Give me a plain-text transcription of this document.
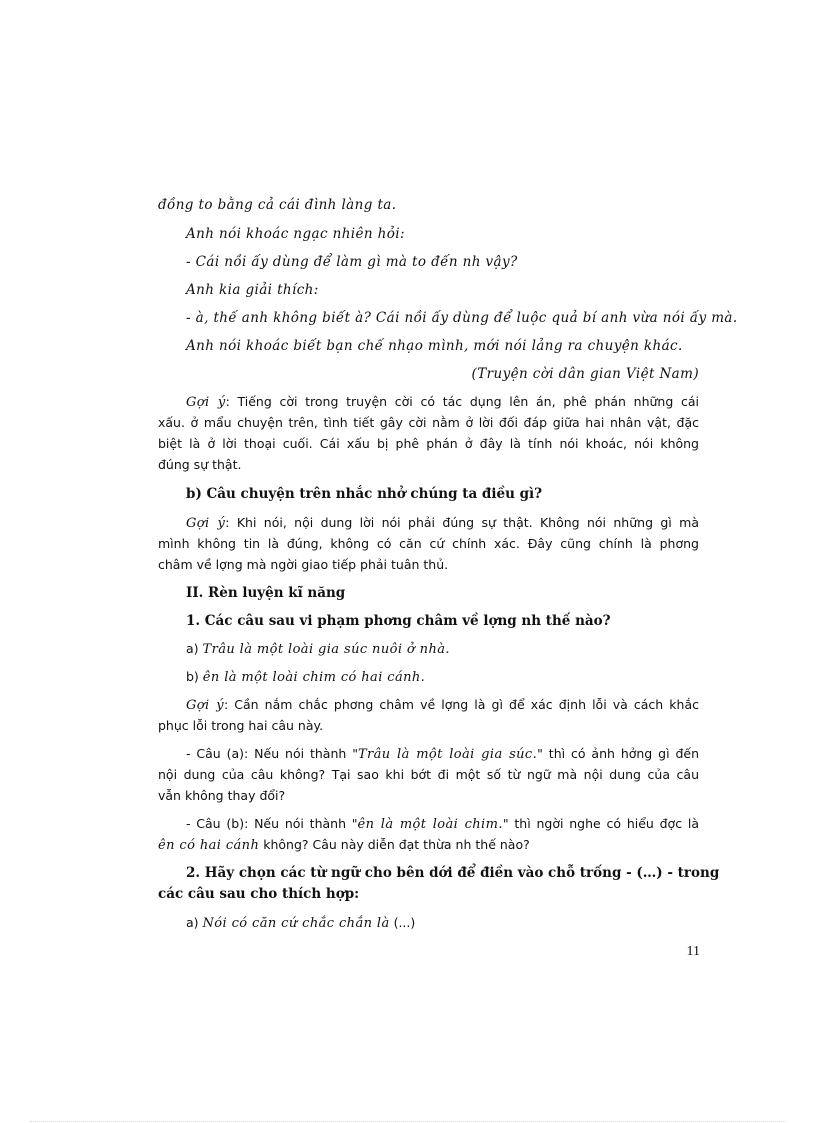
đồng to bằng cả cái đình làng ta.

Anh nói khoác ngạc nhiên hỏi:

- Cái nồi ấy dùng để làm gì mà to đến nh vậy?

Anh kia giải thích:

- à, thế anh không biết à? Cái nồi ấy dùng để luộc quả bí anh vừa nói ấy mà.

Anh nói khoác biết bạn chế nhạo mình, mới nói lảng ra chuyện khác.

(Truyện cời dân gian Việt Nam)

Gợi ý: Tiếng cời trong truyện cời có tác dụng lên án, phê phán những cái

xấu. ở mẩu chuyện trên, tình tiết gây cời nằm ở lời đối đáp giữa hai nhân vật, đặc

biệt là ở lời thoại cuối. Cái xấu bị phê phán ở đây là tính nói khoác, nói không

đúng sự thật.

b) Câu chuyện trên nhắc nhở chúng ta điều gì?

Gợi ý: Khi nói, nội dung lời nói phải đúng sự thật. Không nói những gì mà

mình không tin là đúng, không có căn cứ chính xác. Đây cũng chính là phơng

châm về lợng mà ngời giao tiếp phải tuân thủ.

II. Rèn luyện kĩ năng

1. Các câu sau vi phạm phơng châm về lợng nh thế nào?

a) Trâu là một loài gia súc nuôi ở nhà.

b) ên là một loài chim có hai cánh.

Gợi ý: Cần nắm chắc phơng châm về lợng là gì để xác định lỗi và cách khắc

phục lỗi trong hai câu này.

- Câu (a): Nếu nói thành "Trâu là một loài gia súc." thì có ảnh hởng gì đến

nội dung của câu không? Tại sao khi bớt đi một số từ ngữ mà nội dung của câu

vẫn không thay đổi?

- Câu (b): Nếu nói thành "ên là một loài chim." thì ngời nghe có hiểu đợc là

ên có hai cánh không? Câu này diễn đạt thừa nh thế nào?

2. Hãy chọn các từ ngữ cho bên dới để điền vào chỗ trống - (…) - trong

các câu sau cho thích hợp:

a) Nói có căn cứ chắc chắn là (...)

11
